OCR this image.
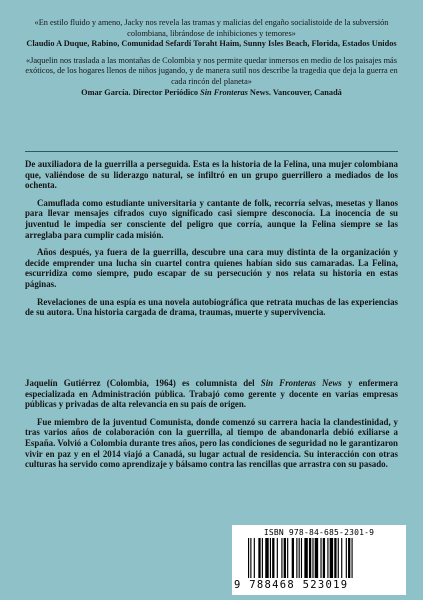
«En estilo fluido y ameno, Jacky nos revela las tramas y malicias del engaño socialistoide de la subversión colombiana, librándose de inhibiciones y temores»
Claudio A Duque, Rabino, Comunidad Sefardí Toraht Haim, Sunny Isles Beach, Florida, Estados Unidos
«Jaquelin nos traslada a las montañas de Colombia y nos permite quedar inmersos en medio de los paisajes más exóticos, de los hogares llenos de niños jugando, y de manera sutil nos describe la tragedia que deja la guerra en cada rincón del planeta»
Omar García. Director Periódico Sin Fronteras News. Vancouver, Canadá

De auxiliadora de la guerrilla a perseguida. Esta es la historia de la Felina, una mujer colombiana que, valiéndose de su liderazgo natural, se infiltró en un grupo guerrillero a mediados de los ochenta.

Camuflada como estudiante universitaria y cantante de folk, recorría selvas, mesetas y llanos para llevar mensajes cifrados cuyo significado casi siempre desconocía. La inocencia de su juventud le impedía ser consciente del peligro que corría, aunque la Felina siempre se las arreglaba para cumplir cada misión.

Años después, ya fuera de la guerrilla, descubre una cara muy distinta de la organización y decide emprender una lucha sin cuartel contra quienes habían sido sus camaradas. La Felina, escurridiza como siempre, pudo escapar de su persecución y nos relata su historia en estas páginas.

Revelaciones de una espía es una novela autobiográfica que retrata muchas de las experiencias de su autora. Una historia cargada de drama, traumas, muerte y supervivencia.

Jaquelín Gutiérrez (Colombia, 1964) es columnista del Sin Fronteras News y enfermera especializada en Administración pública. Trabajó como gerente y docente en varias empresas públicas y privadas de alta relevancia en su país de origen.

Fue miembro de la juventud Comunista, donde comenzó su carrera hacia la clandestinidad, y tras varios años de colaboración con la guerrilla, al tiempo de abandonarla debió exiliarse a España. Volvió a Colombia durante tres años, pero las condiciones de seguridad no le garantizaron vivir en paz y en el 2014 viajó a Canadá, su lugar actual de residencia. Su interacción con otras culturas ha servido como aprendizaje y bálsamo contra las rencillas que arrastra con su pasado.

ISBN 978-84-685-2301-9
9 788468 523019
